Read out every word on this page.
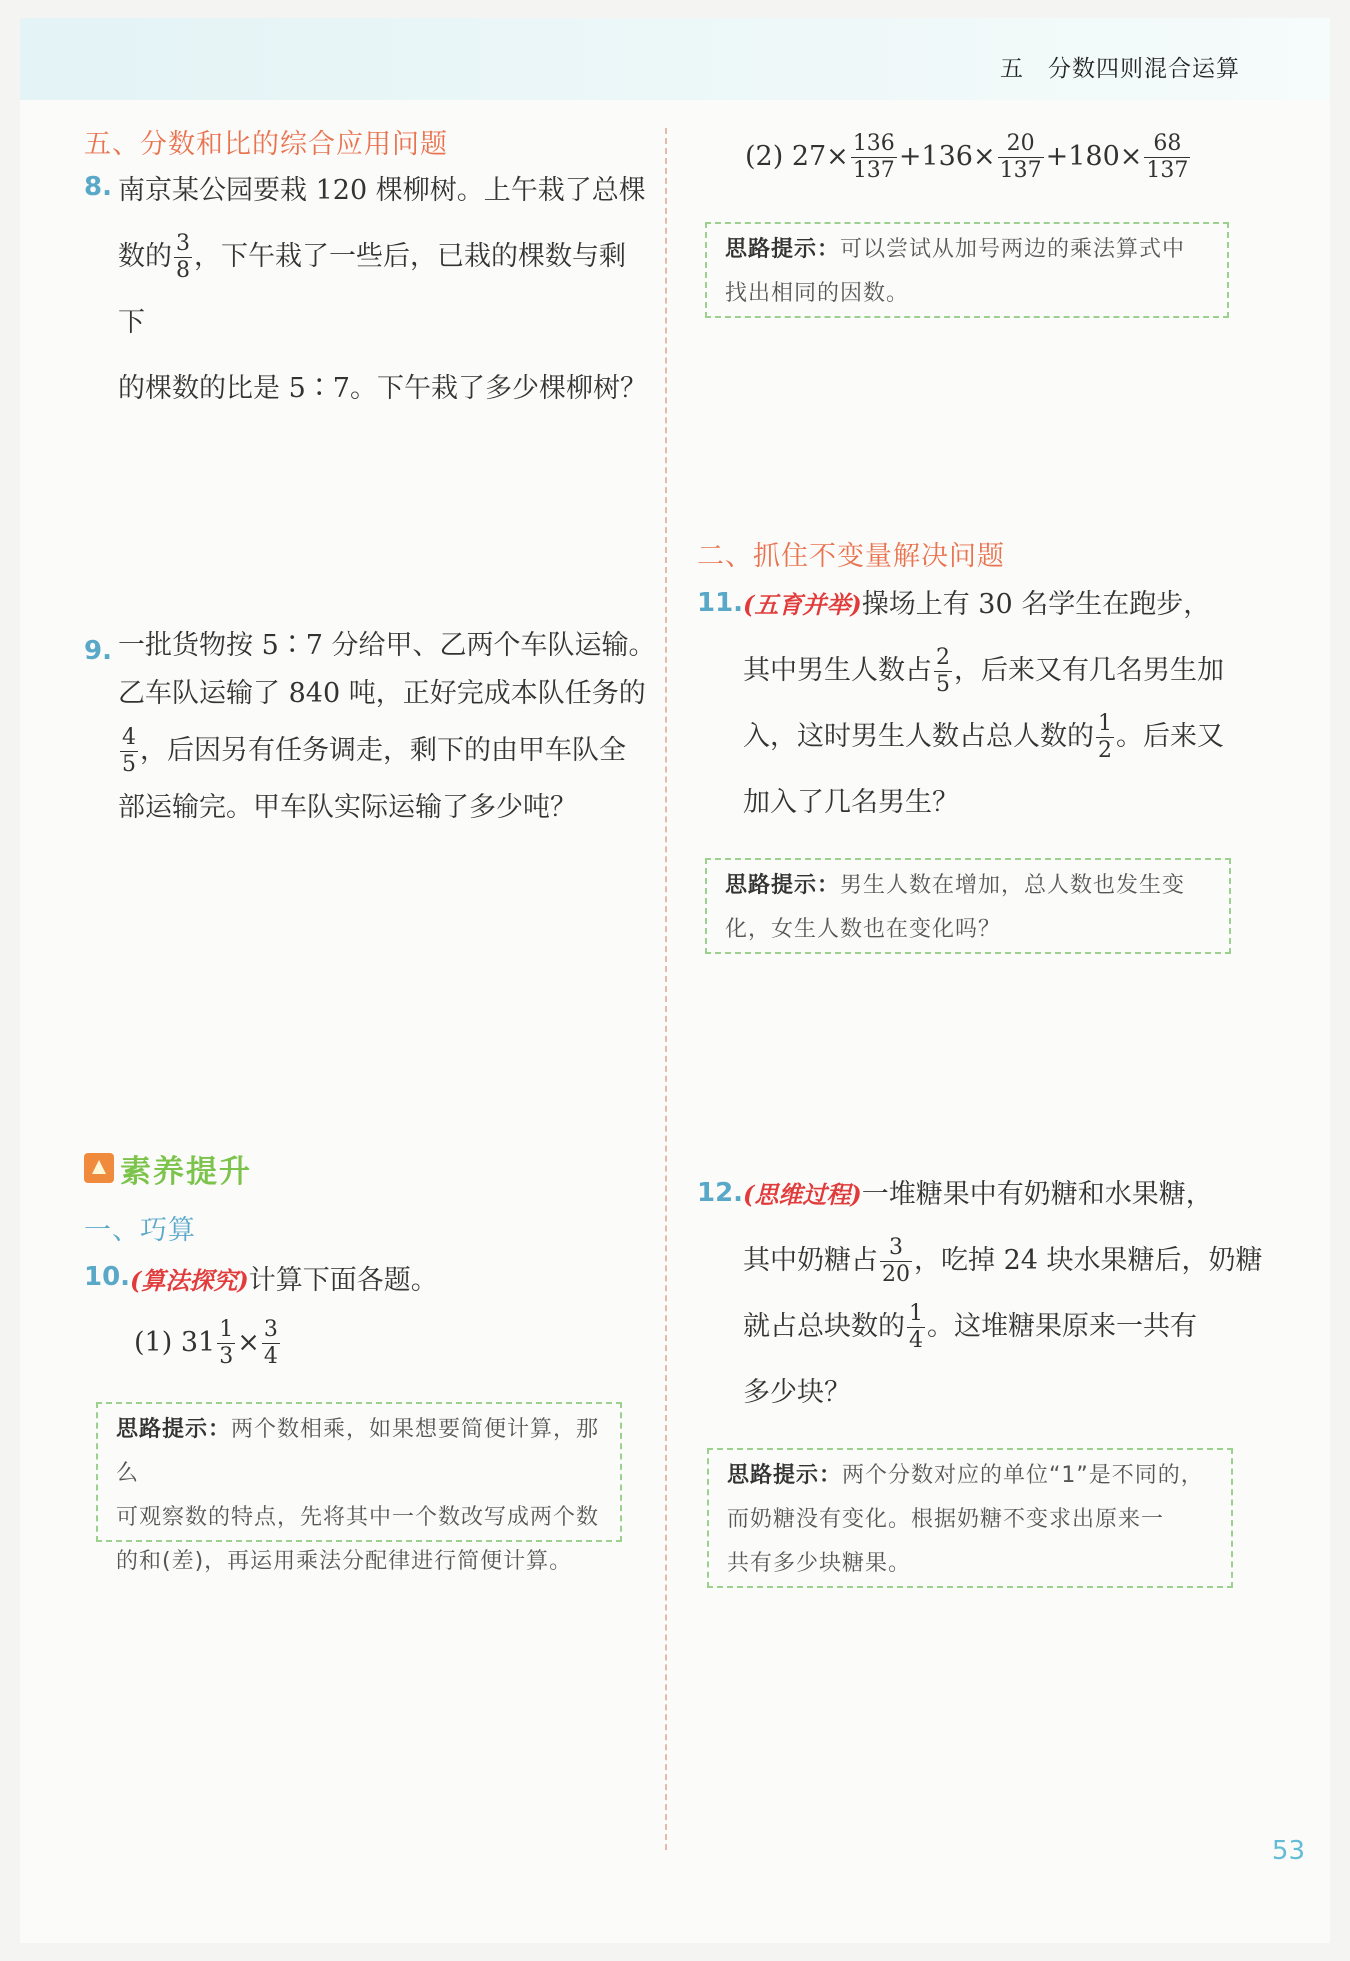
五　分数四则混合运算
五、分数和比的综合应用问题
8. 南京某公园要栽 120 棵柳树。上午栽了总棵
数的 $\frac{3}{8}$ ，下午栽了一些后，已栽的棵数与剩下
的棵数的比是 5∶7。下午栽了多少棵柳树？
9. 一批货物按 5∶7 分给甲、乙两个车队运输。
乙车队运输了 840 吨，正好完成本队任务的
$\frac{4}{5}$ ，后因另有任务调走，剩下的由甲车队全
部运输完。甲车队实际运输了多少吨？
素养提升
一、巧算
10. (算法探究)计算下面各题。
(1) $31 \frac{1}{3} \times \frac{3}{4}$
思路提示：两个数相乘，如果想要简便计算，那么
可观察数的特点，先将其中一个数改写成两个数
的和(差)，再运用乘法分配律进行简便计算。
(2) $27\times \frac{136}{137} +136\times \frac{20}{137} +180\times \frac{68}{137}$
思路提示：可以尝试从加号两边的乘法算式中
找出相同的因数。
二、抓住不变量解决问题
11. (五育并举)操场上有 30 名学生在跑步，
其中男生人数占 $\frac{2}{5}$ ，后来又有几名男生加
入，这时男生人数占总人数的 $\frac{1}{2}$ 。后来又
加入了几名男生？
思路提示：男生人数在增加，总人数也发生变
化，女生人数也在变化吗？
12. (思维过程)一堆糖果中有奶糖和水果糖，
其中奶糖占 $\frac{3}{20}$ ，吃掉 24 块水果糖后，奶糖
就占总块数的 $\frac{1}{4}$ 。这堆糖果原来一共有
多少块？
思路提示：两个分数对应的单位“1”是不同的，
而奶糖没有变化。根据奶糖不变求出原来一
共有多少块糖果。
53
